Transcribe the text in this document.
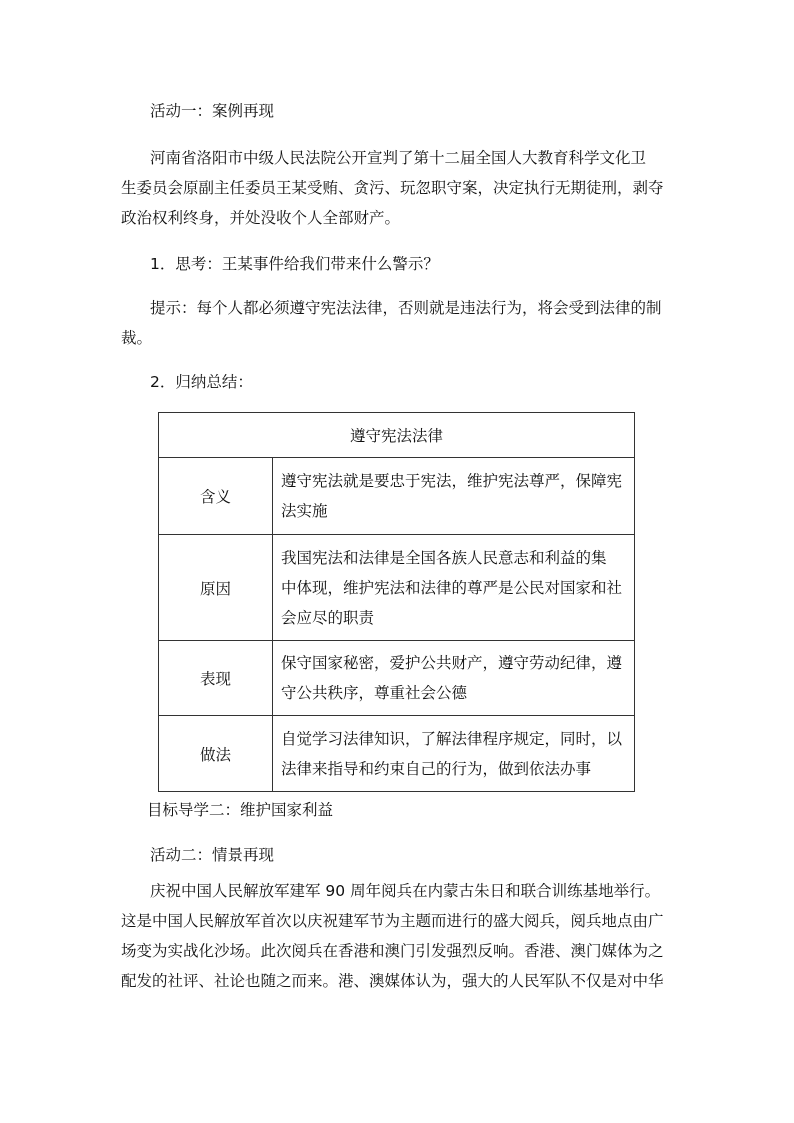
活动一：案例再现
河南省洛阳市中级人民法院公开宣判了第十二届全国人大教育科学文化卫
生委员会原副主任委员王某受贿、贪污、玩忽职守案，决定执行无期徒刑，剥夺
政治权利终身，并处没收个人全部财产。
1．思考：王某事件给我们带来什么警示？
提示：每个人都必须遵守宪法法律，否则就是违法行为，将会受到法律的制
裁。
2．归纳总结：
遵守宪法法律	
含义	遵守宪法就是要忠于宪法，维护宪法尊严，保障宪
法实施

原因	我国宪法和法律是全国各族人民意志和利益的集
中体现，维护宪法和法律的尊严是公民对国家和社
会应尽的职责

表现	保守国家秘密，爱护公共财产，遵守劳动纪律，遵
守公共秩序，尊重社会公德

做法	自觉学习法律知识，了解法律程序规定，同时，以
法律来指导和约束自己的行为，做到依法办事
目标导学二：维护国家利益
活动二：情景再现
庆祝中国人民解放军建军 90 周年阅兵在内蒙古朱日和联合训练基地举行。
这是中国人民解放军首次以庆祝建军节为主题而进行的盛大阅兵，阅兵地点由广
场变为实战化沙场。此次阅兵在香港和澳门引发强烈反响。香港、澳门媒体为之
配发的社评、社论也随之而来。港、澳媒体认为，强大的人民军队不仅是对中华
